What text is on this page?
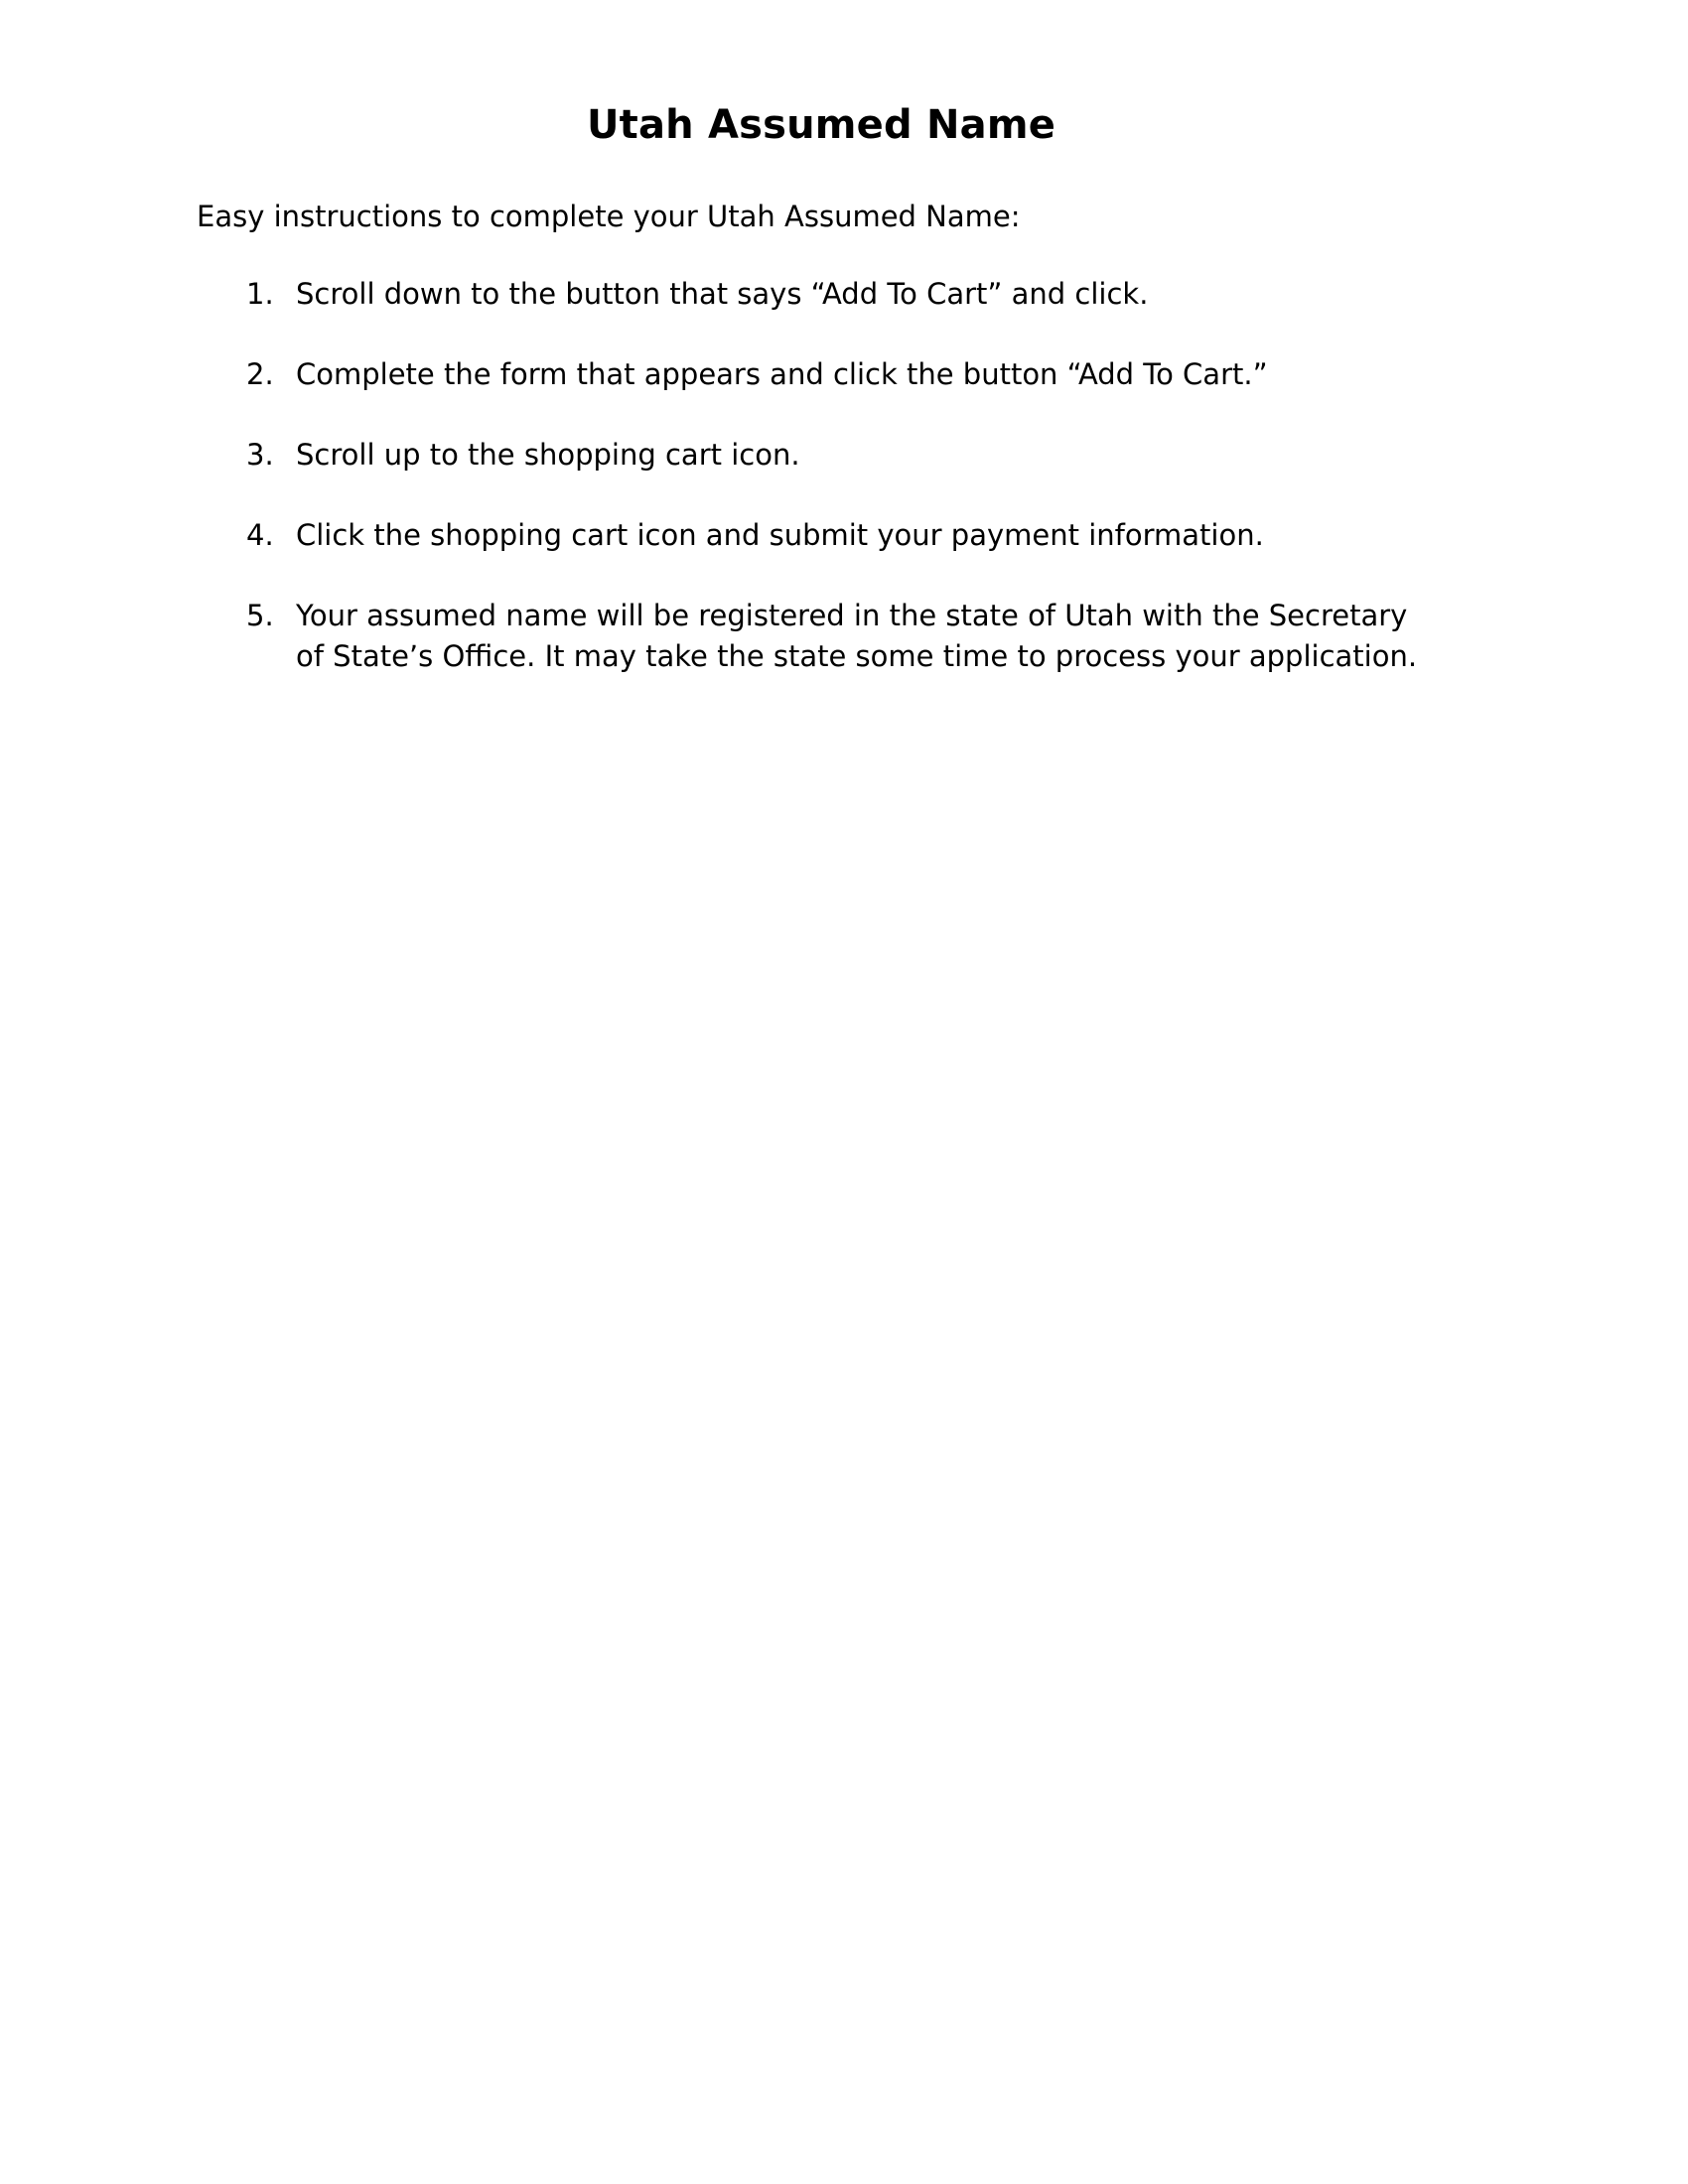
Utah Assumed Name

Easy instructions to complete your Utah Assumed Name:

1. Scroll down to the button that says “Add To Cart” and click.
2. Complete the form that appears and click the button “Add To Cart.”
3. Scroll up to the shopping cart icon.
4. Click the shopping cart icon and submit your payment information.
5. Your assumed name will be registered in the state of Utah with the Secretary of State’s Office. It may take the state some time to process your application.
